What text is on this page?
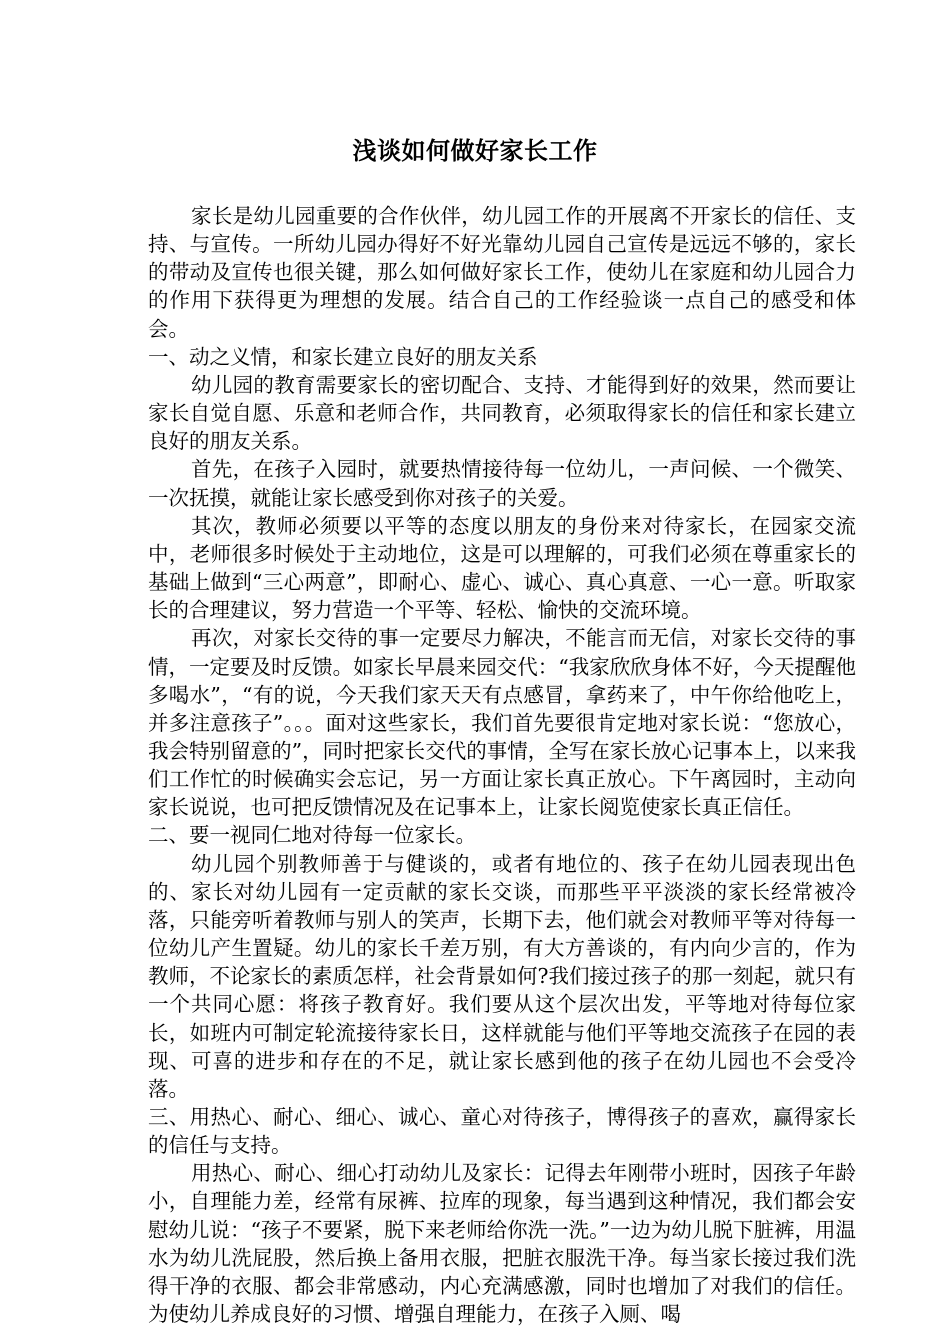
浅谈如何做好家长工作

家长是幼儿园重要的合作伙伴，幼儿园工作的开展离不开家长的信任、支持、与宣传。一所幼儿园办得好不好光靠幼儿园自己宣传是远远不够的，家长的带动及宣传也很关键，那么如何做好家长工作，使幼儿在家庭和幼儿园合力的作用下获得更为理想的发展。结合自己的工作经验谈一点自己的感受和体会。

一、动之义情，和家长建立良好的朋友关系

幼儿园的教育需要家长的密切配合、支持、才能得到好的效果，然而要让家长自觉自愿、乐意和老师合作，共同教育，必须取得家长的信任和家长建立良好的朋友关系。

首先，在孩子入园时，就要热情接待每一位幼儿，一声问候、一个微笑、一次抚摸，就能让家长感受到你对孩子的关爱。

其次，教师必须要以平等的态度以朋友的身份来对待家长，在园家交流中，老师很多时候处于主动地位，这是可以理解的，可我们必须在尊重家长的基础上做到“三心两意”，即耐心、虚心、诚心、真心真意、一心一意。听取家长的合理建议，努力营造一个平等、轻松、愉快的交流环境。

再次，对家长交待的事一定要尽力解决，不能言而无信，对家长交待的事情，一定要及时反馈。如家长早晨来园交代：“我家欣欣身体不好，今天提醒他多喝水”，“有的说，今天我们家天天有点感冒，拿药来了，中午你给他吃上，并多注意孩子”。。。面对这些家长，我们首先要很肯定地对家长说：“您放心，我会特别留意的”，同时把家长交代的事情，全写在家长放心记事本上，以来我们工作忙的时候确实会忘记，另一方面让家长真正放心。下午离园时，主动向家长说说，也可把反馈情况及在记事本上，让家长阅览使家长真正信任。

二、要一视同仁地对待每一位家长。

幼儿园个别教师善于与健谈的，或者有地位的、孩子在幼儿园表现出色的、家长对幼儿园有一定贡献的家长交谈，而那些平平淡淡的家长经常被冷落，只能旁听着教师与别人的笑声，长期下去，他们就会对教师平等对待每一位幼儿产生置疑。幼儿的家长千差万别，有大方善谈的，有内向少言的，作为教师，不论家长的素质怎样，社会背景如何?我们接过孩子的那一刻起，就只有一个共同心愿：将孩子教育好。我们要从这个层次出发，平等地对待每位家长，如班内可制定轮流接待家长日，这样就能与他们平等地交流孩子在园的表现、可喜的进步和存在的不足，就让家长感到他的孩子在幼儿园也不会受冷落。

三、用热心、耐心、细心、诚心、童心对待孩子，博得孩子的喜欢，赢得家长的信任与支持。

用热心、耐心、细心打动幼儿及家长：记得去年刚带小班时，因孩子年龄小，自理能力差，经常有尿裤、拉库的现象，每当遇到这种情况，我们都会安慰幼儿说：“孩子不要紧，脱下来老师给你洗一洗。”一边为幼儿脱下脏裤，用温水为幼儿洗屁股，然后换上备用衣服，把脏衣服洗干净。每当家长接过我们洗得干净的衣服、都会非常感动，内心充满感激，同时也增加了对我们的信任。为使幼儿养成良好的习惯、增强自理能力，在孩子入厕、喝
